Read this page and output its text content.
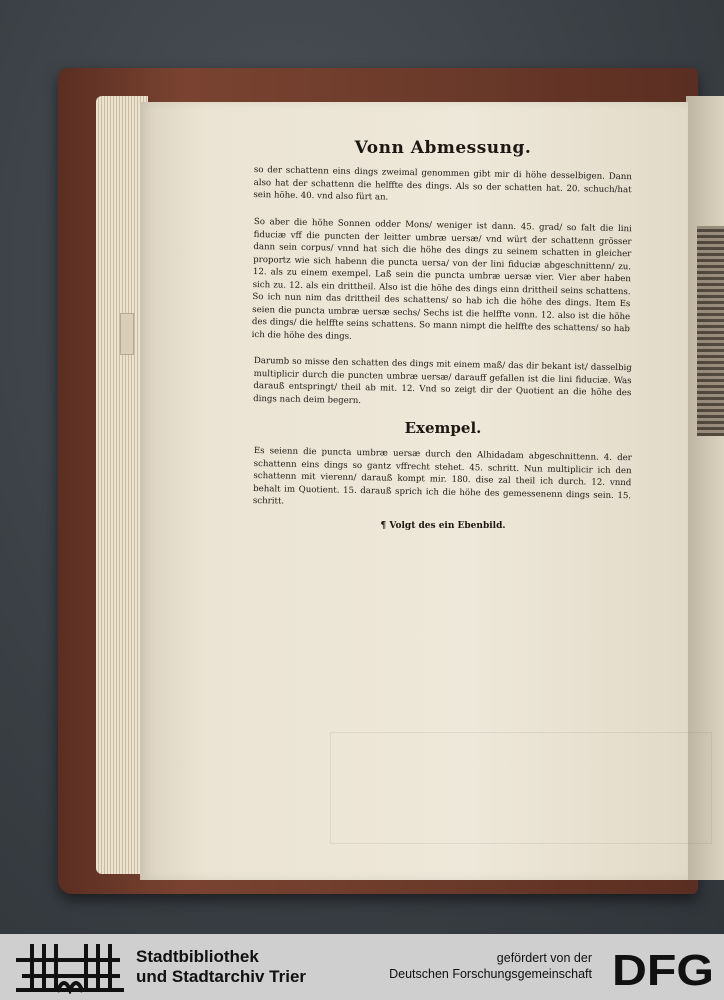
Vonn Abmessung.

so der schattenn eins dings zweimal genommen gibt mir di höhe desselbigen. Dann also hat der schattenn die helffte des dings. Als so der schatten hat. 20. schuch/hat sein höhe. 40. vnd also fürt an.

So aber die höhe Sonnen odder Mons/ weniger ist dann. 45. grad/ so falt die lini fiduciæ vff die puncten der leitter umbræ uersæ/ vnd würt der schattenn grösser dann sein corpus/ vnnd hat sich die höhe des dings zu seinem schatten in gleicher proportz wie sich habenn die puncta uersa/ von der lini fiduciæ abgeschnittenn/ zu. 12. als zu einem exempel. Laß sein die puncta umbræ uersæ vier. Vier aber haben sich zu. 12. als ein drittheil. Also ist die höhe des dings einn drittheil seins schattens. So ich nun nim das drittheil des schattens/ so hab ich die höhe des dings. Item Es seien die puncta umbræ uersæ sechs/ Sechs ist die helffte vonn. 12. also ist die höhe des dings/ die helffte seins schattens. So mann nimpt die helffte des schattens/ so hab ich die höhe des dings.

Darumb so misse den schatten des dings mit einem maß/ das dir bekant ist/ dasselbig multiplicir durch die puncten umbræ uersæ/ darauff gefallen ist die lini fiduciæ. Was darauß entspringt/ theil ab mit. 12. Vnd so zeigt dir der Quotient an die höhe des dings nach deim begern.

Exempel.

Es seienn die puncta umbræ uersæ durch den Alhidadam abgeschnittenn. 4. der schattenn eins dings so gantz vffrecht stehet. 45. schritt. Nun multiplicir ich den schattenn mit vierenn/ darauß kompt mir. 180. dise zal theil ich durch. 12. vnnd behalt im Quotient. 15. darauß sprich ich die höhe des gemessenenn dings sein. 15. schritt.

¶ Volgt des ein Ebenbild.
Stadtbibliothek
und Stadtarchiv Trier
gefördert von der
Deutschen Forschungsgemeinschaft DFG
